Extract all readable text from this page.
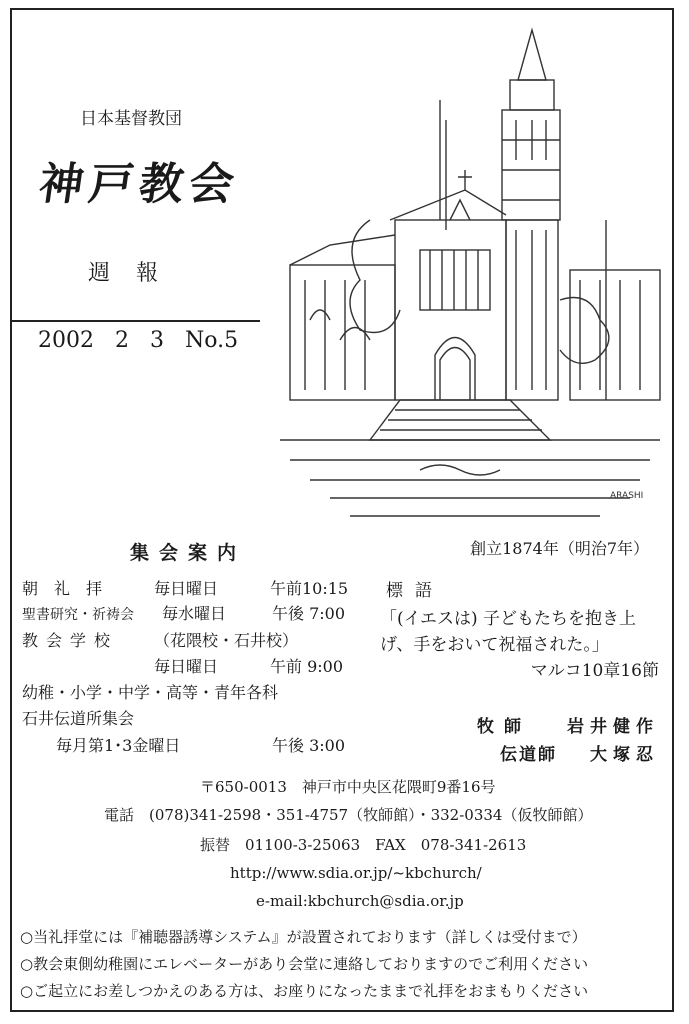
日本基督教団
神戸教会
週報
2002 2 3 No.5
ARASHI
創立1874年（明治7年）
集会案内
朝　礼　拝	毎日曜日	午前10:15
聖書研究・祈祷会 毎水曜日	午後 7:00
教会学校 （花隈校・石井校）
毎日曜日	午前 9:00
幼稚・小学・中学・高等・青年各科
石井伝道所集会
毎月第1･3金曜日	午後 3:00
標語
「(イエスは) 子どもたちを抱き上
げ、手をおいて祝福された。」
マルコ10章16節
牧師 岩井健作
伝道師 大塚忍
〒650-0013　神戸市中央区花隈町9番16号
電話　(078)341-2598・351-4757（牧師館）・332-0334（仮牧師館）
振替　01100-3-25063　FAX　078-341-2613
http://www.sdia.or.jp/~kbchurch/
e-mail:kbchurch@sdia.or.jp
○当礼拝堂には『補聴器誘導システム』が設置されております（詳しくは受付まで）
○教会東側幼稚園にエレベーターがあり会堂に連絡しておりますのでご利用ください
○ご起立にお差しつかえのある方は、お座りになったままで礼拝をおまもりください
